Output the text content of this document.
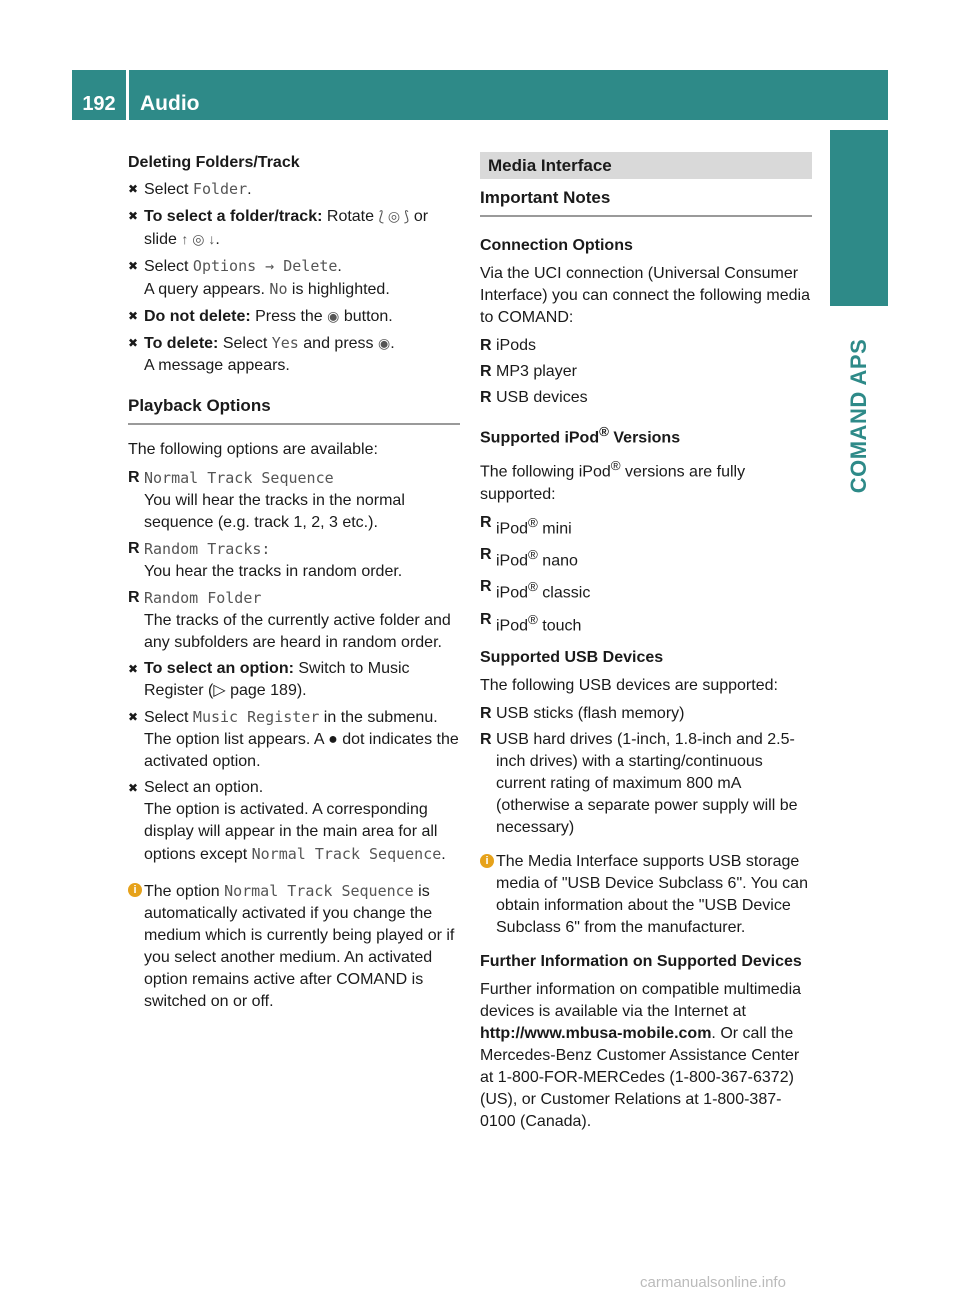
192	Audio
COMAND APS
Deleting Folders/Track
✖ Select Folder.
✖ To select a folder/track: Rotate ⟅ ◎ ⟆ or slide ↑ ◎ ↓.
✖ Select Options → Delete.
A query appears. No is highlighted.
✖ Do not delete: Press the ◉ button.
✖ To delete: Select Yes and press ◉.
A message appears.
Playback Options
The following options are available:
R Normal Track Sequence
You will hear the tracks in the normal sequence (e.g. track 1, 2, 3 etc.).
R Random Tracks:
You hear the tracks in random order.
R Random Folder
The tracks of the currently active folder and any subfolders are heard in random order.
✖ To select an option: Switch to Music Register (▷ page 189).
✖ Select Music Register in the submenu.
The option list appears. A ● dot indicates the activated option.
✖ Select an option.
The option is activated. A corresponding display will appear in the main area for all options except Normal Track Sequence.
i The option Normal Track Sequence is automatically activated if you change the medium which is currently being played or if you select another medium. An activated option remains active after COMAND is switched on or off.
Media Interface
Important Notes
Connection Options
Via the UCI connection (Universal Consumer Interface) you can connect the following media to COMAND:
R iPods
R MP3 player
R USB devices
Supported iPod® Versions
The following iPod® versions are fully supported:
R iPod® mini
R iPod® nano
R iPod® classic
R iPod® touch
Supported USB Devices
The following USB devices are supported:
R USB sticks (flash memory)
R USB hard drives (1-inch, 1.8-inch and 2.5-inch drives) with a starting/continuous current rating of maximum 800 mA (otherwise a separate power supply will be necessary)
i The Media Interface supports USB storage media of "USB Device Subclass 6". You can obtain information about the "USB Device Subclass 6" from the manufacturer.
Further Information on Supported Devices
Further information on compatible multimedia devices is available via the Internet at http://www.mbusa-mobile.com. Or call the Mercedes-Benz Customer Assistance Center at 1-800-FOR-MERCedes (1-800-367-6372) (US), or Customer Relations at 1-800-387-0100 (Canada).
carmanualsonline.info
